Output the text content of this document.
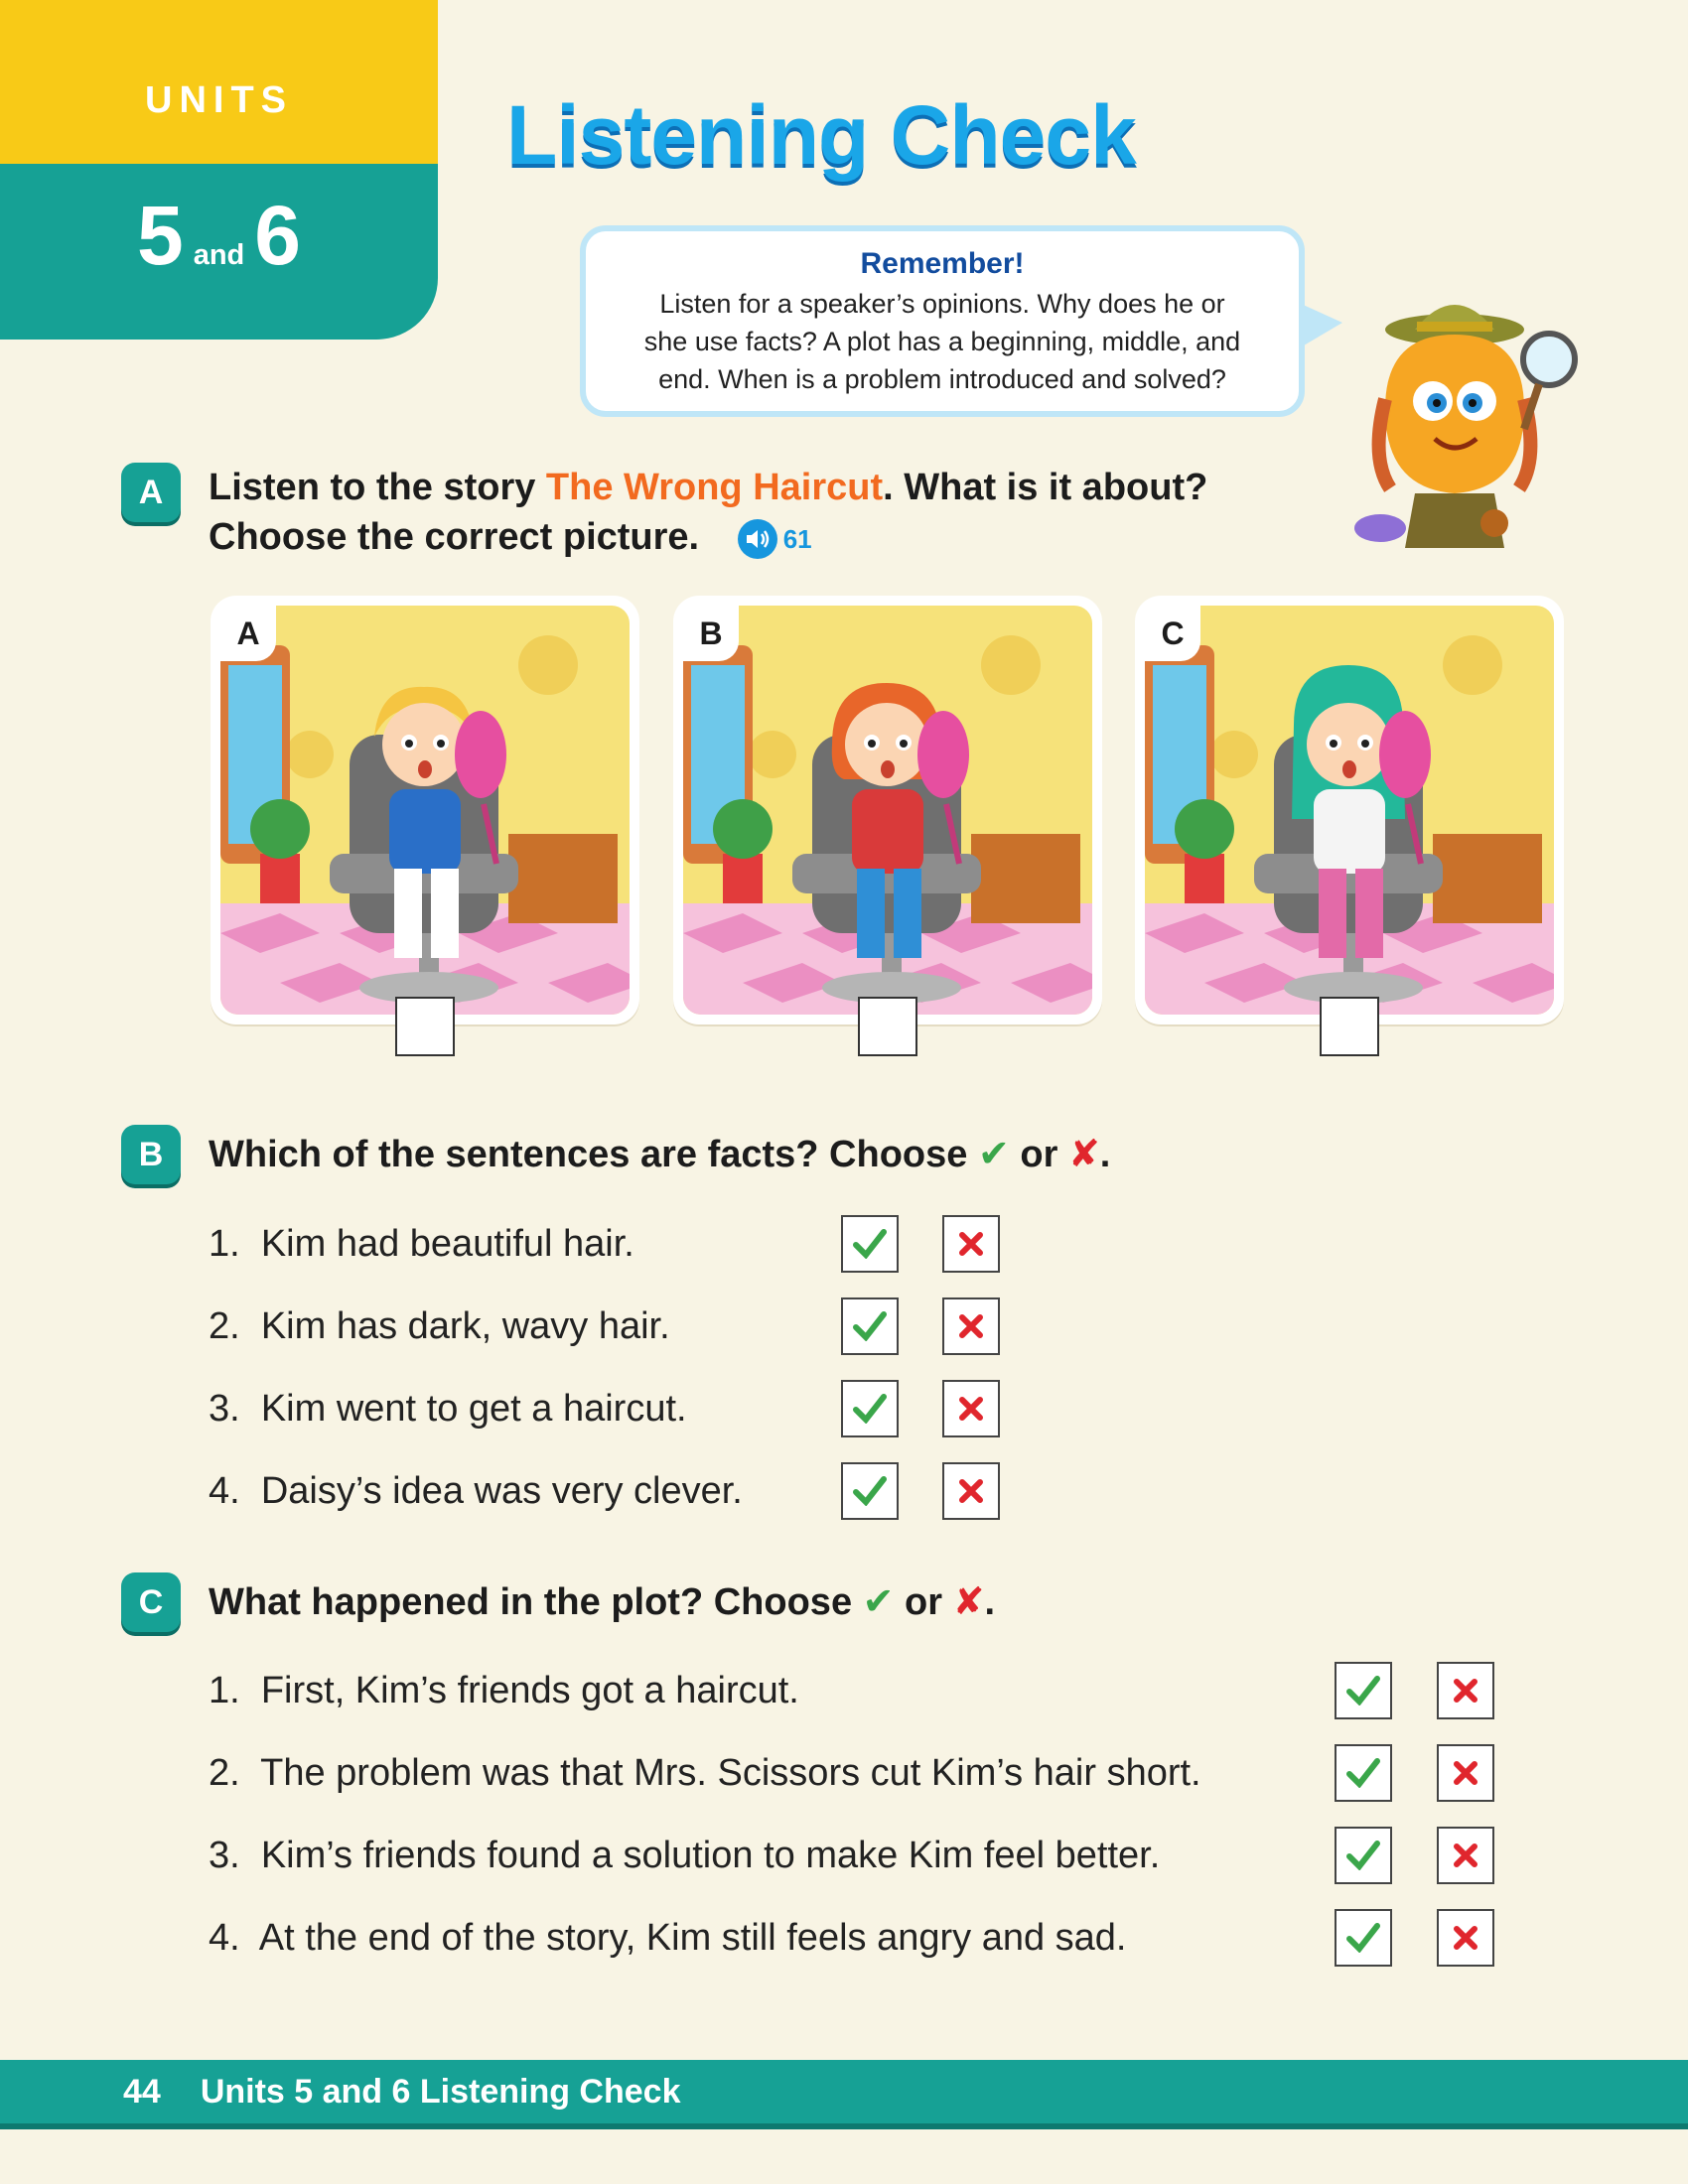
UNITS
5 and 6
Listening Check
Remember!
Listen for a speaker’s opinions. Why does he or
she use facts? A plot has a beginning, middle, and
end. When is a problem introduced and solved?
A	Listen to the story The Wrong Haircut. What is it about?
Choose the correct picture.	61
A	B	C
B	Which of the sentences are facts? Choose ✔ or ✘.
1. Kim had beautiful hair.
2. Kim has dark, wavy hair.
3. Kim went to get a haircut.
4. Daisy’s idea was very clever.
C	What happened in the plot? Choose ✔ or ✘.
1. First, Kim’s friends got a haircut.
2. The problem was that Mrs. Scissors cut Kim’s hair short.
3. Kim’s friends found a solution to make Kim feel better.
4. At the end of the story, Kim still feels angry and sad.
44 Units 5 and 6 Listening Check
